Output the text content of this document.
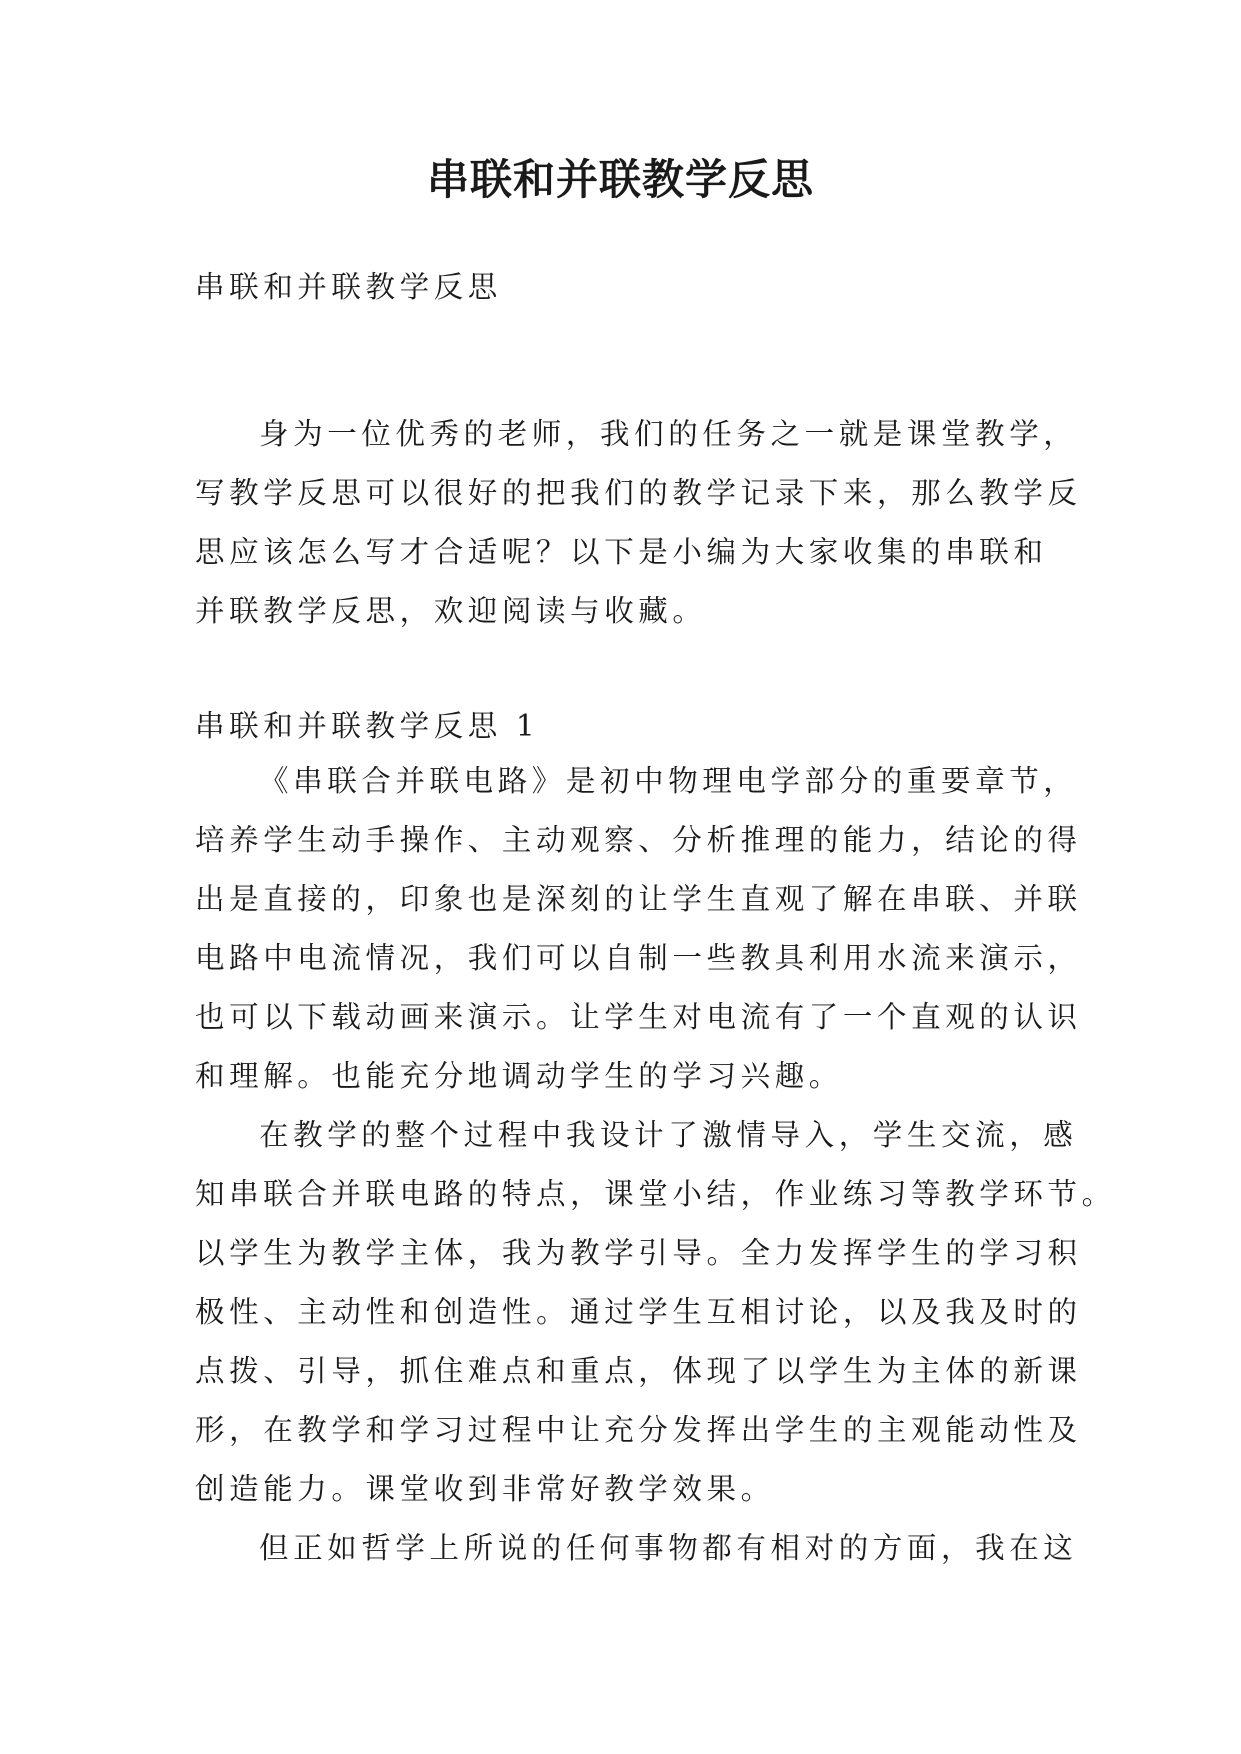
串联和并联教学反思

串联和并联教学反思

身为一位优秀的老师，我们的任务之一就是课堂教学，
写教学反思可以很好的把我们的教学记录下来，那么教学反
思应该怎么写才合适呢？以下是小编为大家收集的串联和
并联教学反思，欢迎阅读与收藏。

串联和并联教学反思 1

《串联合并联电路》是初中物理电学部分的重要章节，
培养学生动手操作、主动观察、分析推理的能力，结论的得
出是直接的，印象也是深刻的让学生直观了解在串联、并联
电路中电流情况，我们可以自制一些教具利用水流来演示，
也可以下载动画来演示。让学生对电流有了一个直观的认识
和理解。也能充分地调动学生的学习兴趣。
在教学的整个过程中我设计了激情导入，学生交流，感
知串联合并联电路的特点，课堂小结，作业练习等教学环节。
以学生为教学主体，我为教学引导。全力发挥学生的学习积
极性、主动性和创造性。通过学生互相讨论，以及我及时的
点拨、引导，抓住难点和重点，体现了以学生为主体的新课
形，在教学和学习过程中让充分发挥出学生的主观能动性及
创造能力。课堂收到非常好教学效果。
但正如哲学上所说的任何事物都有相对的方面，我在这
